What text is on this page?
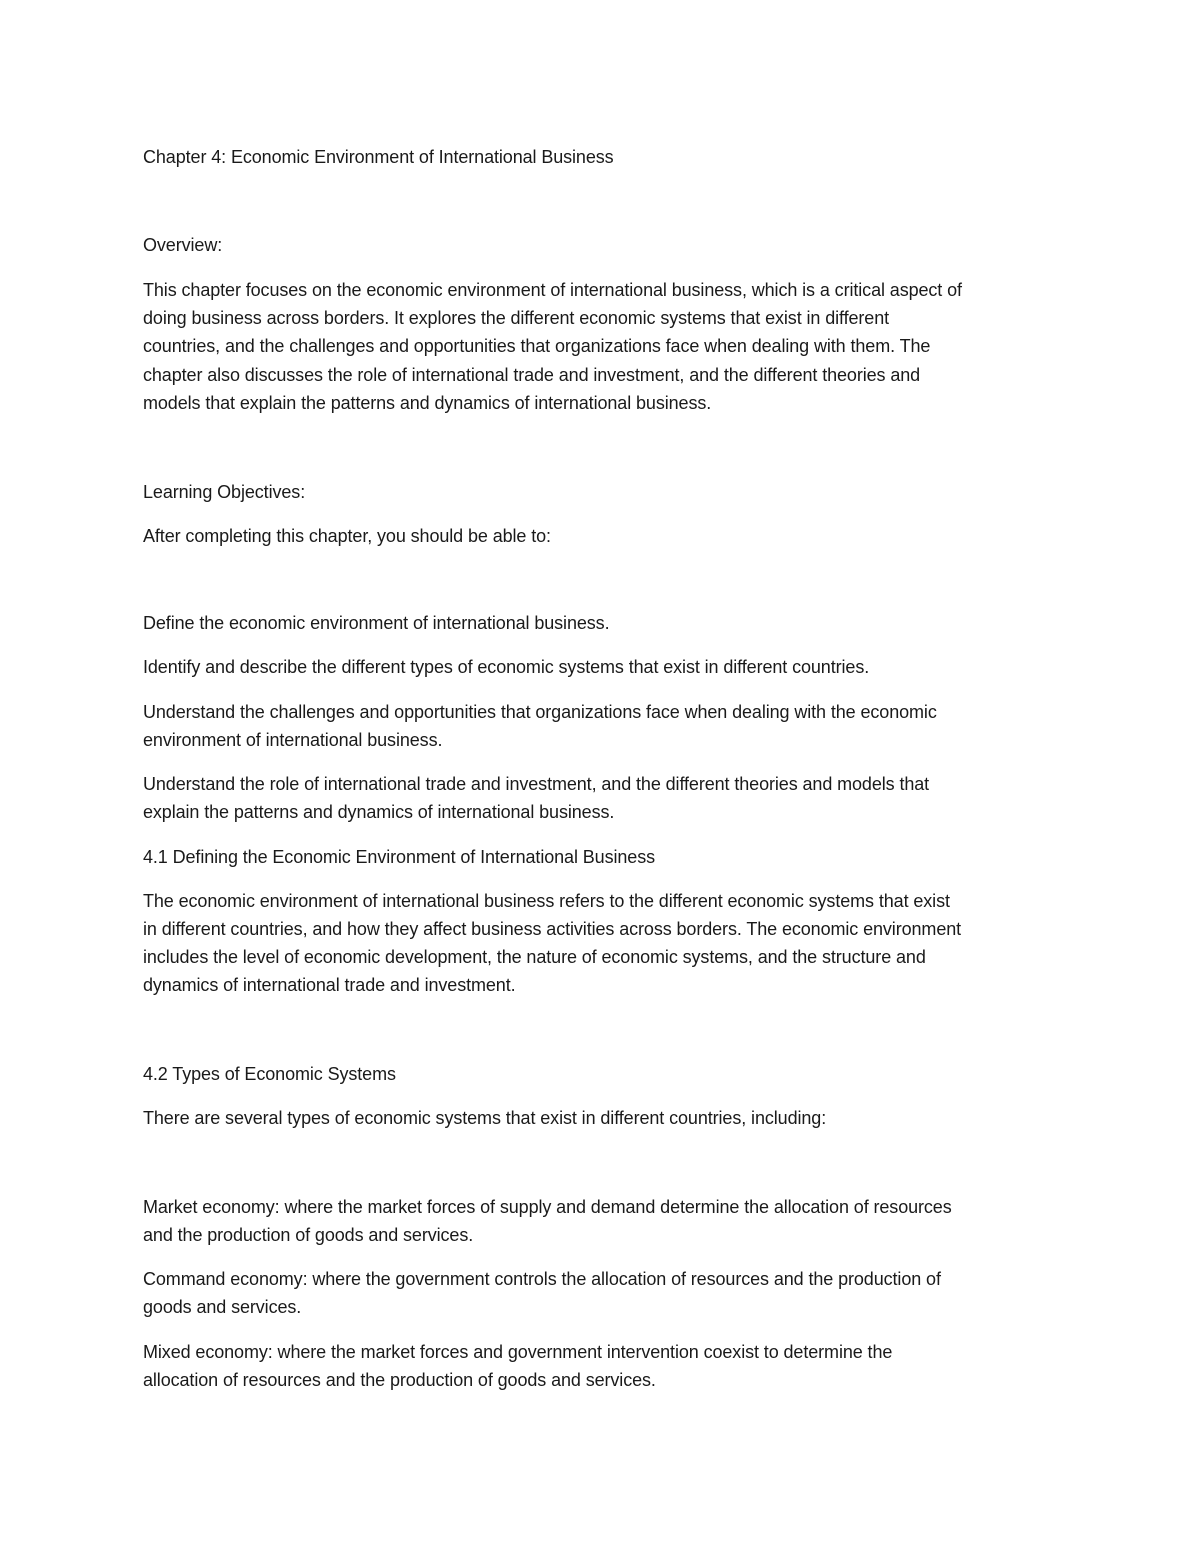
Chapter 4: Economic Environment of International Business

Overview:

This chapter focuses on the economic environment of international business, which is a critical aspect of

doing business across borders. It explores the different economic systems that exist in different

countries, and the challenges and opportunities that organizations face when dealing with them. The

chapter also discusses the role of international trade and investment, and the different theories and

models that explain the patterns and dynamics of international business.

Learning Objectives:

After completing this chapter, you should be able to:

Define the economic environment of international business.

Identify and describe the different types of economic systems that exist in different countries.

Understand the challenges and opportunities that organizations face when dealing with the economic

environment of international business.

Understand the role of international trade and investment, and the different theories and models that

explain the patterns and dynamics of international business.

4.1 Defining the Economic Environment of International Business

The economic environment of international business refers to the different economic systems that exist

in different countries, and how they affect business activities across borders. The economic environment

includes the level of economic development, the nature of economic systems, and the structure and

dynamics of international trade and investment.

4.2 Types of Economic Systems

There are several types of economic systems that exist in different countries, including:

Market economy: where the market forces of supply and demand determine the allocation of resources

and the production of goods and services.

Command economy: where the government controls the allocation of resources and the production of

goods and services.

Mixed economy: where the market forces and government intervention coexist to determine the

allocation of resources and the production of goods and services.
